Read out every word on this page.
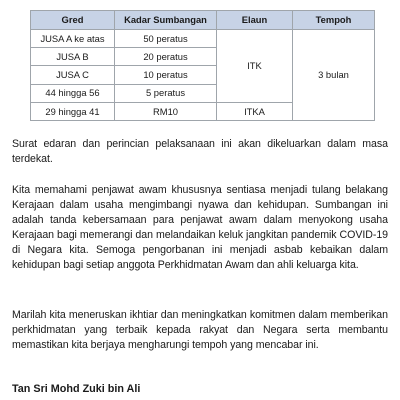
Gred	Kadar Sumbangan	Elaun	Tempoh
JUSA A ke atas	50 peratus	ITK	3 bulan
JUSA B	20 peratus		
JUSA C	10 peratus		
44 hingga 56	5 peratus		
29 hingga 41	RM10	ITKA	

Surat edaran dan perincian pelaksanaan ini akan dikeluarkan dalam masa terdekat.

Kita memahami penjawat awam khususnya sentiasa menjadi tulang belakang Kerajaan dalam usaha mengimbangi nyawa dan kehidupan. Sumbangan ini adalah tanda kebersamaan para penjawat awam dalam menyokong usaha Kerajaan bagi memerangi dan melandaikan keluk jangkitan pandemik COVID-19 di Negara kita. Semoga pengorbanan ini menjadi asbab kebaikan dalam kehidupan bagi setiap anggota Perkhidmatan Awam dan ahli keluarga kita.

Marilah kita meneruskan ikhtiar dan meningkatkan komitmen dalam memberikan perkhidmatan yang terbaik kepada rakyat dan Negara serta membantu memastikan kita berjaya mengharungi tempoh yang mencabar ini.

Tan Sri Mohd Zuki bin Ali
